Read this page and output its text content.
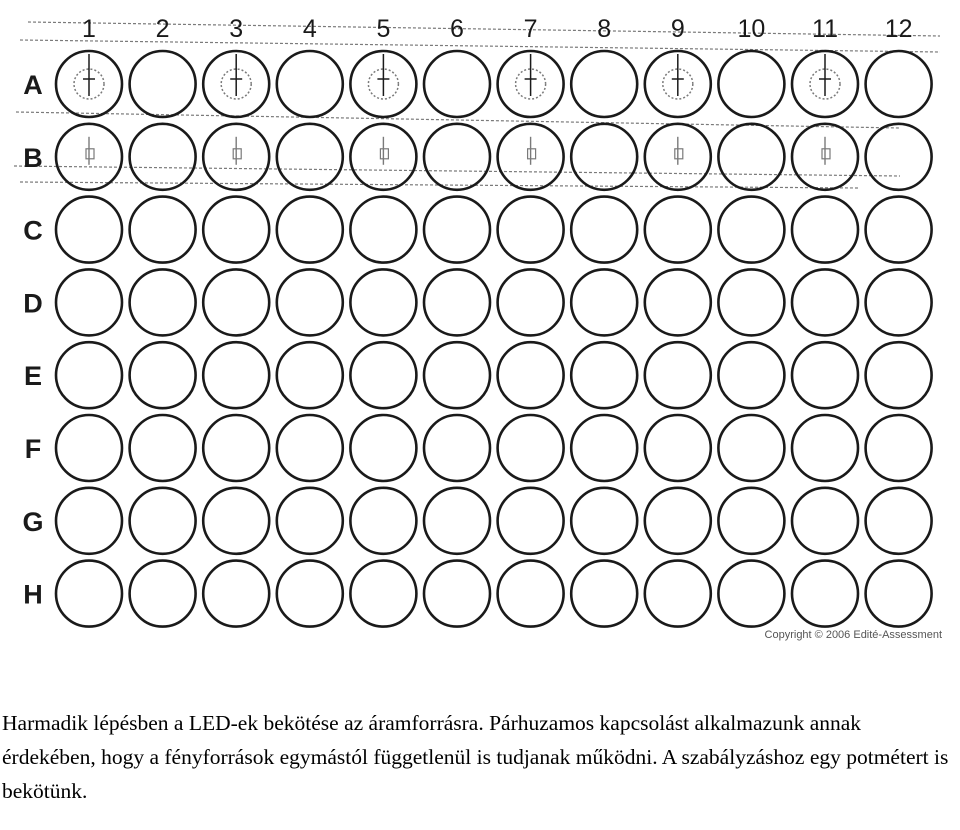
1 2 3 4 5 6 7 8 9 10 11 12
A
B
C
D
E
F
G
H
Copyright © 2006 Edité-Assessment

Harmadik lépésben a LED-ek bekötése az áramforrásra. Párhuzamos kapcsolást alkalmazunk annak érdekében, hogy a fényforrások egymástól függetlenül is tudjanak működni. A szabályzáshoz egy potmétert is bekötünk.
